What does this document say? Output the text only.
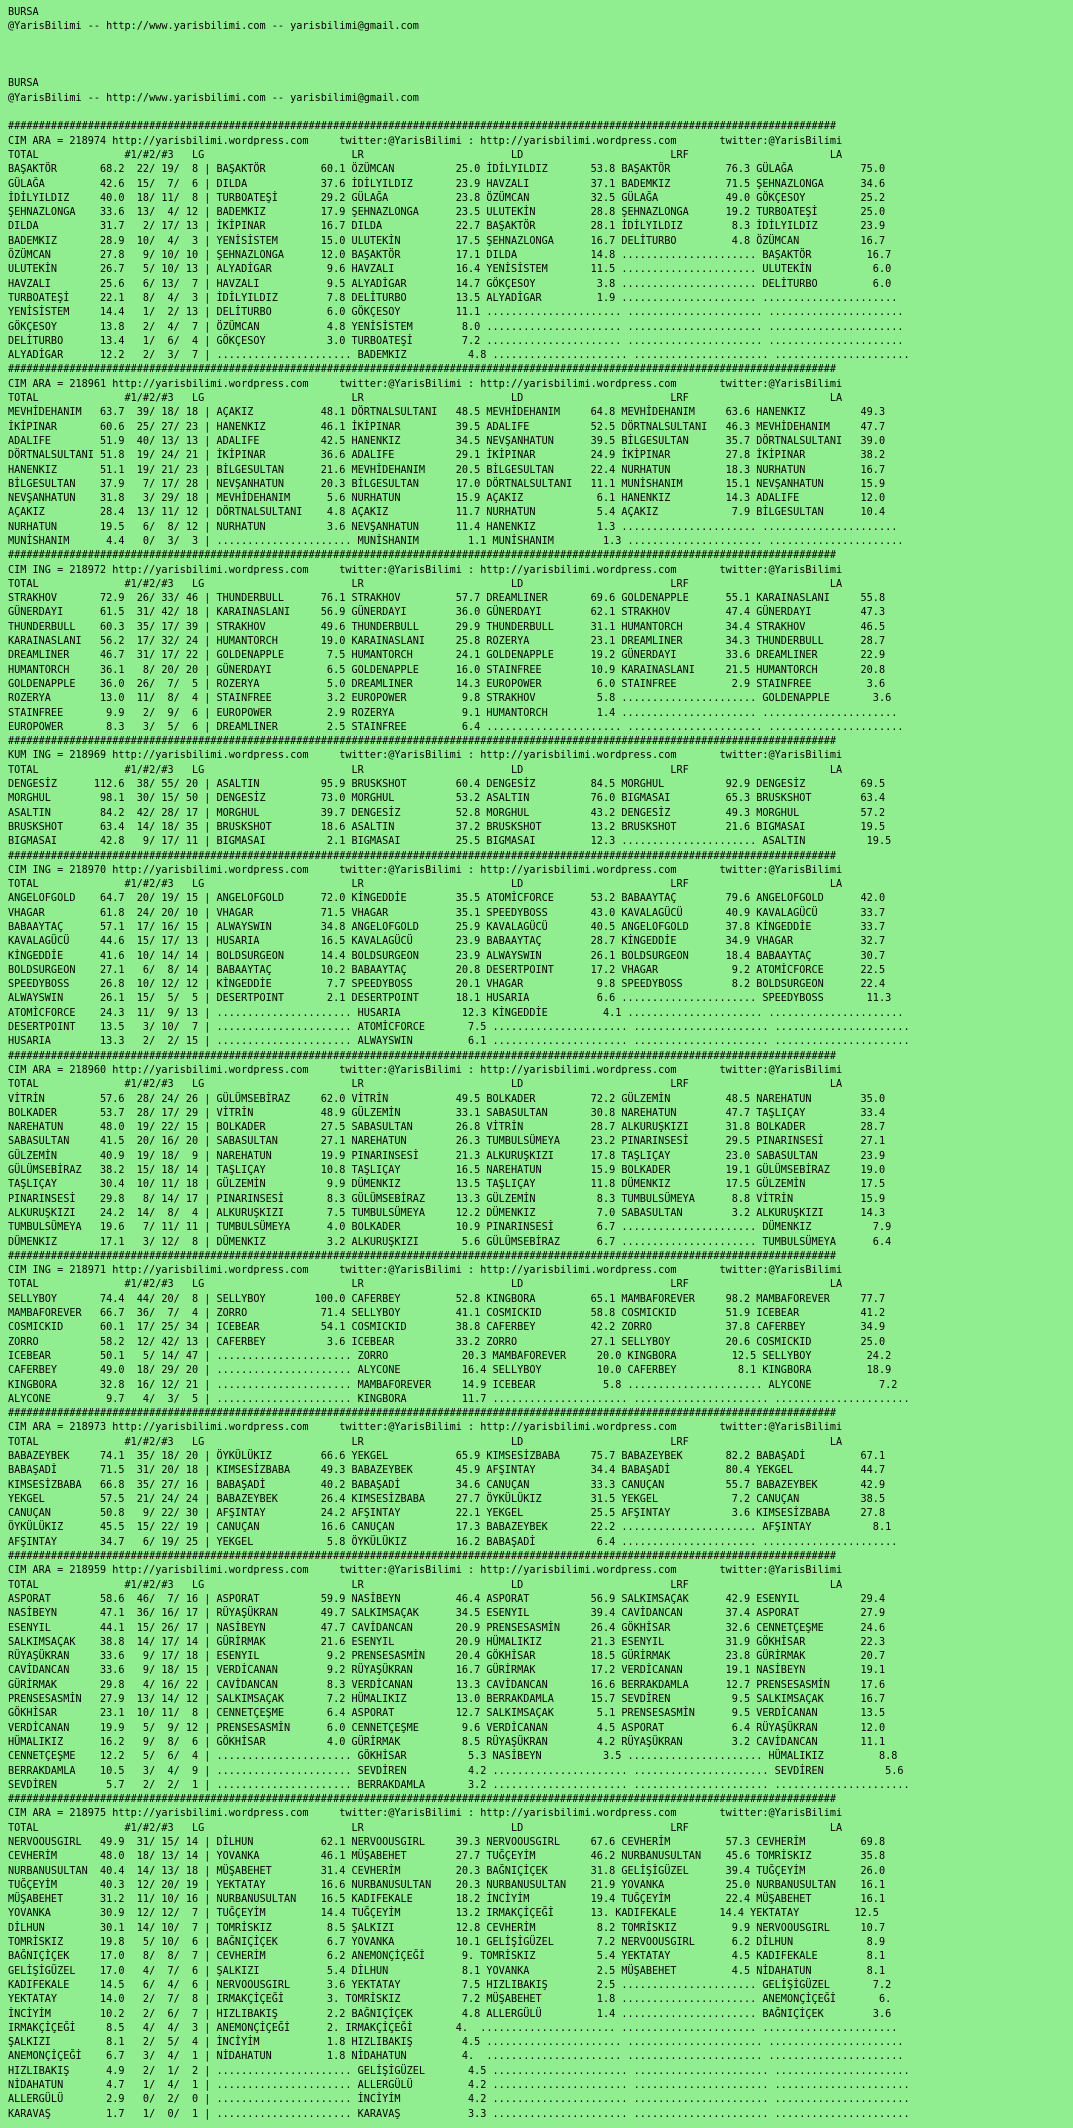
BURSA
@YarisBilimi -- http://www.yarisbilimi.com -- yarisbilimi@gmail.com

BURSA
@YarisBilimi -- http://www.yarisbilimi.com -- yarisbilimi@gmail.com

#######################################################################################################################################
CIM ARA = 218974 http://yarisbilimi.wordpress.com     twitter:@YarisBilimi : http://yarisbilimi.wordpress.com       twitter:@YarisBilimi
TOTAL              #1/#2/#3   LG                        LR                        LD                        LRF                       LA
BAŞAKTÖR       68.2  22/ 19/  8 | BAŞAKTÖR         60.1 ÖZÜMCAN          25.0 İDİLYILDIZ       53.8 BAŞAKTÖR         76.3 GÜLAĞA           75.0
GÜLAĞA         42.6  15/  7/  6 | DILDA            37.6 İDİLYILDIZ       23.9 HAVZALI          37.1 BADEMKIZ         71.5 ŞEHNAZLONGA      34.6
İDİLYILDIZ     40.0  18/ 11/  8 | TURBOATEŞİ       29.2 GÜLAĞA           23.8 ÖZÜMCAN          32.5 GÜLAĞA           49.0 GÖKÇESOY         25.2
ŞEHNAZLONGA    33.6  13/  4/ 12 | BADEMKIZ         17.9 ŞEHNAZLONGA      23.5 ULUTEKİN         28.8 ŞEHNAZLONGA      19.2 TURBOATEŞİ       25.0
DILDA          31.7   2/ 17/ 13 | İKİPINAR         16.7 DILDA            22.7 BAŞAKTÖR         28.1 İDİLYILDIZ        8.3 İDİLYILDIZ       23.9
BADEMKIZ       28.9  10/  4/  3 | YENİSİSTEM       15.0 ULUTEKİN         17.5 ŞEHNAZLONGA      16.7 DELİTURBO         4.8 ÖZÜMCAN          16.7
ÖZÜMCAN        27.8   9/ 10/ 10 | ŞEHNAZLONGA      12.0 BAŞAKTÖR         17.1 DILDA            14.8 ...................... BAŞAKTÖR         16.7
ULUTEKİN       26.7   5/ 10/ 13 | ALYADİGAR         9.6 HAVZALI          16.4 YENİSİSTEM       11.5 ...................... ULUTEKİN          6.0
HAVZALI        25.6   6/ 13/  7 | HAVZALI           9.5 ALYADİGAR        14.7 GÖKÇESOY          3.8 ...................... DELİTURBO         6.0
TURBOATEŞİ     22.1   8/  4/  3 | İDİLYILDIZ        7.8 DELİTURBO        13.5 ALYADİGAR         1.9 ...................... ......................
YENİSİSTEM     14.4   1/  2/ 13 | DELİTURBO         6.0 GÖKÇESOY         11.1 ...................... ...................... ......................
GÖKÇESOY       13.8   2/  4/  7 | ÖZÜMCAN           4.8 YENİSİSTEM        8.0 ...................... ...................... ......................
DELİTURBO      13.4   1/  6/  4 | GÖKÇESOY          3.0 TURBOATEŞİ        7.2 ...................... ...................... ......................
ALYADİGAR      12.2   2/  3/  7 | ...................... BADEMKIZ          4.8 ...................... ...................... ......................
#######################################################################################################################################
CIM ARA = 218961 http://yarisbilimi.wordpress.com     twitter:@YarisBilimi : http://yarisbilimi.wordpress.com       twitter:@YarisBilimi
TOTAL              #1/#2/#3   LG                        LR                        LD                        LRF                       LA
MEVHİDEHANIM   63.7  39/ 18/ 18 | AÇAKIZ           48.1 DÖRTNALSULTANI   48.5 MEVHİDEHANIM     64.8 MEVHİDEHANIM     63.6 HANENKIZ         49.3
İKİPINAR       60.6  25/ 27/ 23 | HANENKIZ         46.1 İKİPINAR         39.5 ADALIFE          52.5 DÖRTNALSULTANI   46.3 MEVHİDEHANIM     47.7
ADALIFE        51.9  40/ 13/ 13 | ADALIFE          42.5 HANENKIZ         34.5 NEVŞANHATUN      39.5 BİLGESULTAN      35.7 DÖRTNALSULTANI   39.0
DÖRTNALSULTANI 51.8  19/ 24/ 21 | İKİPINAR         36.6 ADALIFE          29.1 İKİPINAR         24.9 İKİPINAR         27.8 İKİPINAR         38.2
HANENKIZ       51.1  19/ 21/ 23 | BİLGESULTAN      21.6 MEVHİDEHANIM     20.5 BİLGESULTAN      22.4 NURHATUN         18.3 NURHATUN         16.7
BİLGESULTAN    37.9   7/ 17/ 28 | NEVŞANHATUN      20.3 BİLGESULTAN      17.0 DÖRTNALSULTANI   11.1 MUNİSHANIM       15.1 NEVŞANHATUN      15.9
NEVŞANHATUN    31.8   3/ 29/ 18 | MEVHİDEHANIM      5.6 NURHATUN         15.9 AÇAKIZ            6.1 HANENKIZ         14.3 ADALIFE          12.0
AÇAKIZ         28.4  13/ 11/ 12 | DÖRTNALSULTANI    4.8 AÇAKIZ           11.7 NURHATUN          5.4 AÇAKIZ            7.9 BİLGESULTAN      10.4
NURHATUN       19.5   6/  8/ 12 | NURHATUN          3.6 NEVŞANHATUN      11.4 HANENKIZ          1.3 ...................... ......................
MUNİSHANIM      4.4   0/  3/  3 | ...................... MUNİSHANIM        1.1 MUNİSHANIM        1.3 ...................... ......................
#######################################################################################################################################
CIM ING = 218972 http://yarisbilimi.wordpress.com     twitter:@YarisBilimi : http://yarisbilimi.wordpress.com       twitter:@YarisBilimi
TOTAL              #1/#2/#3   LG                        LR                        LD                        LRF                       LA
STRAKHOV       72.9  26/ 33/ 46 | THUNDERBULL      76.1 STRAKHOV         57.7 DREAMLINER       69.6 GOLDENAPPLE      55.1 KARAINASLANI     55.8
GÜNERDAYI      61.5  31/ 42/ 18 | KARAINASLANI     56.9 GÜNERDAYI        36.0 GÜNERDAYI        62.1 STRAKHOV         47.4 GÜNERDAYI        47.3
THUNDERBULL    60.3  35/ 17/ 39 | STRAKHOV         49.6 THUNDERBULL      29.9 THUNDERBULL      31.1 HUMANTORCH       34.4 STRAKHOV         46.5
KARAINASLANI   56.2  17/ 32/ 24 | HUMANTORCH       19.0 KARAINASLANI     25.8 ROZERYA          23.1 DREAMLINER       34.3 THUNDERBULL      28.7
DREAMLINER     46.7  31/ 17/ 22 | GOLDENAPPLE       7.5 HUMANTORCH       24.1 GOLDENAPPLE      19.2 GÜNERDAYI        33.6 DREAMLINER       22.9
HUMANTORCH     36.1   8/ 20/ 20 | GÜNERDAYI         6.5 GOLDENAPPLE      16.0 STAINFREE        10.9 KARAINASLANI     21.5 HUMANTORCH       20.8
GOLDENAPPLE    36.0  26/  7/  5 | ROZERYA           5.0 DREAMLINER       14.3 EUROPOWER         6.0 STAINFREE         2.9 STAINFREE         3.6
ROZERYA        13.0  11/  8/  4 | STAINFREE         3.2 EUROPOWER         9.8 STRAKHOV          5.8 ...................... GOLDENAPPLE       3.6
STAINFREE       9.9   2/  9/  6 | EUROPOWER         2.9 ROZERYA           9.1 HUMANTORCH        1.4 ...................... ......................
EUROPOWER       8.3   3/  5/  6 | DREAMLINER        2.5 STAINFREE         6.4 ...................... ...................... ......................
#######################################################################################################################################
KUM ING = 218969 http://yarisbilimi.wordpress.com     twitter:@YarisBilimi : http://yarisbilimi.wordpress.com       twitter:@YarisBilimi
TOTAL              #1/#2/#3   LG                        LR                        LD                        LRF                       LA
DENGESİZ      112.6  38/ 55/ 20 | ASALTIN          95.9 BRUSKSHOT        60.4 DENGESİZ         84.5 MORGHUL          92.9 DENGESİZ         69.5
MORGHUL        98.1  30/ 15/ 50 | DENGESİZ         73.0 MORGHUL          53.2 ASALTIN          76.0 BIGMASAI         65.3 BRUSKSHOT        63.4
ASALTIN        84.2  42/ 28/ 17 | MORGHUL          39.7 DENGESİZ         52.8 MORGHUL          43.2 DENGESİZ         49.3 MORGHUL          57.2
BRUSKSHOT      63.4  14/ 18/ 35 | BRUSKSHOT        18.6 ASALTIN          37.2 BRUSKSHOT        13.2 BRUSKSHOT        21.6 BIGMASAI         19.5
BIGMASAI       42.8   9/ 17/ 11 | BIGMASAI          2.1 BIGMASAI         25.5 BIGMASAI         12.3 ...................... ASALTIN          19.5
#######################################################################################################################################
CIM ING = 218970 http://yarisbilimi.wordpress.com     twitter:@YarisBilimi : http://yarisbilimi.wordpress.com       twitter:@YarisBilimi
TOTAL              #1/#2/#3   LG                        LR                        LD                        LRF                       LA
ANGELOFGOLD    64.7  20/ 19/ 15 | ANGELOFGOLD      72.0 KİNGEDDİE        35.5 ATOMİCFORCE      53.2 BABAAYTAÇ        79.6 ANGELOFGOLD      42.0
VHAGAR         61.8  24/ 20/ 10 | VHAGAR           71.5 VHAGAR           35.1 SPEEDYBOSS       43.0 KAVALAGÜCÜ       40.9 KAVALAGÜCÜ       33.7
BABAAYTAÇ      57.1  17/ 16/ 15 | ALWAYSWIN        34.8 ANGELOFGOLD      25.9 KAVALAGÜCÜ       40.5 ANGELOFGOLD      37.8 KİNGEDDİE        33.7
KAVALAGÜCÜ     44.6  15/ 17/ 13 | HUSARIA          16.5 KAVALAGÜCÜ       23.9 BABAAYTAÇ        28.7 KİNGEDDİE        34.9 VHAGAR           32.7
KİNGEDDİE      41.6  10/ 14/ 14 | BOLDSURGEON      14.4 BOLDSURGEON      23.9 ALWAYSWIN        26.1 BOLDSURGEON      18.4 BABAAYTAÇ        30.7
BOLDSURGEON    27.1   6/  8/ 14 | BABAAYTAÇ        10.2 BABAAYTAÇ        20.8 DESERTPOINT      17.2 VHAGAR            9.2 ATOMİCFORCE      22.5
SPEEDYBOSS     26.8  10/ 12/ 12 | KİNGEDDİE         7.7 SPEEDYBOSS       20.1 VHAGAR            9.8 SPEEDYBOSS        8.2 BOLDSURGEON      22.4
ALWAYSWIN      26.1  15/  5/  5 | DESERTPOINT       2.1 DESERTPOINT      18.1 HUSARIA           6.6 ...................... SPEEDYBOSS       11.3
ATOMİCFORCE    24.3  11/  9/ 13 | ...................... HUSARIA          12.3 KİNGEDDİE         4.1 ...................... ......................
DESERTPOINT    13.5   3/ 10/  7 | ...................... ATOMİCFORCE       7.5 ...................... ...................... ......................
HUSARIA        13.3   2/  2/ 15 | ...................... ALWAYSWIN         6.1 ...................... ...................... ......................
#######################################################################################################################################
CIM ARA = 218960 http://yarisbilimi.wordpress.com     twitter:@YarisBilimi : http://yarisbilimi.wordpress.com       twitter:@YarisBilimi
TOTAL              #1/#2/#3   LG                        LR                        LD                        LRF                       LA
VİTRİN         57.6  28/ 24/ 26 | GÜLÜMSEBİRAZ     62.0 VİTRİN           49.5 BOLKADER         72.2 GÜLZEMİN         48.5 NAREHATUN        35.0
BOLKADER       53.7  28/ 17/ 29 | VİTRİN           48.9 GÜLZEMİN         33.1 SABASULTAN       30.8 NAREHATUN        47.7 TAŞLIÇAY         33.4
NAREHATUN      48.0  19/ 22/ 15 | BOLKADER         27.5 SABASULTAN       26.8 VİTRİN           28.7 ALKURUŞKIZI      31.8 BOLKADER         28.7
SABASULTAN     41.5  20/ 16/ 20 | SABASULTAN       27.1 NAREHATUN        26.3 TUMBULSÜMEYA     23.2 PINARINSESİ      29.5 PINARINSESİ      27.1
GÜLZEMİN       40.9  19/ 18/  9 | NAREHATUN        19.9 PINARINSESİ      21.3 ALKURUŞKIZI      17.8 TAŞLIÇAY         23.0 SABASULTAN       23.9
GÜLÜMSEBİRAZ   38.2  15/ 18/ 14 | TAŞLIÇAY         10.8 TAŞLIÇAY         16.5 NAREHATUN        15.9 BOLKADER         19.1 GÜLÜMSEBİRAZ     19.0
TAŞLIÇAY       30.4  10/ 11/ 18 | GÜLZEMİN          9.9 DÜMENKIZ         13.5 TAŞLIÇAY         11.8 DÜMENKIZ         17.5 GÜLZEMİN         17.5
PINARINSESİ    29.8   8/ 14/ 17 | PINARINSESİ       8.3 GÜLÜMSEBİRAZ     13.3 GÜLZEMİN          8.3 TUMBULSÜMEYA      8.8 VİTRİN           15.9
ALKURUŞKIZI    24.2  14/  8/  4 | ALKURUŞKIZI       7.5 TUMBULSÜMEYA     12.2 DÜMENKIZ          7.0 SABASULTAN        3.2 ALKURUŞKIZI      14.3
TUMBULSÜMEYA   19.6   7/ 11/ 11 | TUMBULSÜMEYA      4.0 BOLKADER         10.9 PINARINSESİ       6.7 ...................... DÜMENKIZ          7.9
DÜMENKIZ       17.1   3/ 12/  8 | DÜMENKIZ          3.2 ALKURUŞKIZI       5.6 GÜLÜMSEBİRAZ      6.7 ...................... TUMBULSÜMEYA      6.4
#######################################################################################################################################
CIM ING = 218971 http://yarisbilimi.wordpress.com     twitter:@YarisBilimi : http://yarisbilimi.wordpress.com       twitter:@YarisBilimi
TOTAL              #1/#2/#3   LG                        LR                        LD                        LRF                       LA
SELLYBOY       74.4  44/ 20/  8 | SELLYBOY        100.0 CAFERBEY         52.8 KINGBORA         65.1 MAMBAFOREVER     98.2 MAMBAFOREVER     77.7
MAMBAFOREVER   66.7  36/  7/  4 | ZORRO            71.4 SELLYBOY         41.1 COSMICKID        58.8 COSMICKID        51.9 ICEBEAR          41.2
COSMICKID      60.1  17/ 25/ 34 | ICEBEAR          54.1 COSMICKID        38.8 CAFERBEY         42.2 ZORRO            37.8 CAFERBEY         34.9
ZORRO          58.2  12/ 42/ 13 | CAFERBEY          3.6 ICEBEAR          33.2 ZORRO            27.1 SELLYBOY         20.6 COSMICKID        25.0
ICEBEAR        50.1   5/ 14/ 47 | ...................... ZORRO            20.3 MAMBAFOREVER     20.0 KINGBORA         12.5 SELLYBOY         24.2
CAFERBEY       49.0  18/ 29/ 20 | ...................... ALYCONE          16.4 SELLYBOY         10.0 CAFERBEY          8.1 KINGBORA         18.9
KINGBORA       32.8  16/ 12/ 21 | ...................... MAMBAFOREVER     14.9 ICEBEAR           5.8 ...................... ALYCONE           7.2
ALYCONE         9.7   4/  3/  5 | ...................... KINGBORA         11.7 ...................... ...................... ......................
#######################################################################################################################################
CIM ARA = 218973 http://yarisbilimi.wordpress.com     twitter:@YarisBilimi : http://yarisbilimi.wordpress.com       twitter:@YarisBilimi
TOTAL              #1/#2/#3   LG                        LR                        LD                        LRF                       LA
BABAZEYBEK     74.1  35/ 18/ 20 | ÖYKÜLÜKIZ        66.6 YEKGEL           65.9 KIMSESİZBABA     75.7 BABAZEYBEK       82.2 BABAŞADİ         67.1
BABAŞADİ       71.5  31/ 20/ 18 | KIMSESİZBABA     49.3 BABAZEYBEK       45.9 AFŞINTAY         34.4 BABAŞADİ         80.4 YEKGEL           44.7
KIMSESİZBABA   66.8  35/ 27/ 16 | BABAŞADİ         40.2 BABAŞADİ         34.6 CANUÇAN          33.3 CANUÇAN          55.7 BABAZEYBEK       42.9
YEKGEL         57.5  21/ 24/ 24 | BABAZEYBEK       26.4 KIMSESİZBABA     27.7 ÖYKÜLÜKIZ        31.5 YEKGEL            7.2 CANUÇAN          38.5
CANUÇAN        50.8   9/ 22/ 30 | AFŞINTAY         24.2 AFŞINTAY         22.1 YEKGEL           25.5 AFŞINTAY          3.6 KIMSESİZBABA     27.8
ÖYKÜLÜKIZ      45.5  15/ 22/ 19 | CANUÇAN          16.6 CANUÇAN          17.3 BABAZEYBEK       22.2 ...................... AFŞINTAY          8.1
AFŞINTAY       34.7   6/ 19/ 25 | YEKGEL            5.8 ÖYKÜLÜKIZ        16.2 BABAŞADİ          6.4 ...................... ......................
#######################################################################################################################################
CIM ARA = 218959 http://yarisbilimi.wordpress.com     twitter:@YarisBilimi : http://yarisbilimi.wordpress.com       twitter:@YarisBilimi
TOTAL              #1/#2/#3   LG                        LR                        LD                        LRF                       LA
ASPORAT        58.6  46/  7/ 16 | ASPORAT          59.9 NASİBEYN         46.4 ASPORAT          56.9 SALKIMSAÇAK      42.9 ESENYIL          29.4
NASİBEYN       47.1  36/ 16/ 17 | RÜYAŞÜKRAN       49.7 SALKIMSAÇAK      34.5 ESENYIL          39.4 CAVİDANCAN       37.4 ASPORAT          27.9
ESENYIL        44.1  15/ 26/ 17 | NASİBEYN         47.7 CAVİDANCAN       20.9 PRENSESASMİN     26.4 GÖKHİSAR         32.6 CENNETÇEŞME      24.6
SALKIMSAÇAK    38.8  14/ 17/ 14 | GÜRİRMAK         21.6 ESENYIL          20.9 HÜMALIKIZ        21.3 ESENYIL          31.9 GÖKHİSAR         22.3
RÜYAŞÜKRAN     33.6   9/ 17/ 18 | ESENYIL           9.2 PRENSESASMİN     20.4 GÖKHİSAR         18.5 GÜRİRMAK         23.8 GÜRİRMAK         20.7
CAVİDANCAN     33.6   9/ 18/ 15 | VERDİCANAN        9.2 RÜYAŞÜKRAN       16.7 GÜRİRMAK         17.2 VERDİCANAN       19.1 NASİBEYN         19.1
GÜRİRMAK       29.8   4/ 16/ 22 | CAVİDANCAN        8.3 VERDİCANAN       13.3 CAVİDANCAN       16.6 BERRAKDAMLA      12.7 PRENSESASMİN     17.6
PRENSESASMİN   27.9  13/ 14/ 12 | SALKIMSAÇAK       7.2 HÜMALIKIZ        13.0 BERRAKDAMLA      15.7 SEVDİREN          9.5 SALKIMSAÇAK      16.7
GÖKHİSAR       23.1  10/ 11/  8 | CENNETÇEŞME       6.4 ASPORAT          12.7 SALKIMSAÇAK       5.1 PRENSESASMİN      9.5 VERDİCANAN       13.5
VERDİCANAN     19.9   5/  9/ 12 | PRENSESASMİN      6.0 CENNETÇEŞME       9.6 VERDİCANAN        4.5 ASPORAT           6.4 RÜYAŞÜKRAN       12.0
HÜMALIKIZ      16.2   9/  8/  6 | GÖKHİSAR          4.0 GÜRİRMAK          8.5 RÜYAŞÜKRAN        4.2 RÜYAŞÜKRAN        3.2 CAVİDANCAN       11.1
CENNETÇEŞME    12.2   5/  6/  4 | ...................... GÖKHİSAR          5.3 NASİBEYN          3.5 ...................... HÜMALIKIZ         8.8
BERRAKDAMLA    10.5   3/  4/  9 | ...................... SEVDİREN          4.2 ...................... ...................... SEVDİREN          5.6
SEVDİREN        5.7   2/  2/  1 | ...................... BERRAKDAMLA       3.2 ...................... ...................... ......................
#######################################################################################################################################
CIM ARA = 218975 http://yarisbilimi.wordpress.com     twitter:@YarisBilimi : http://yarisbilimi.wordpress.com       twitter:@YarisBilimi
TOTAL              #1/#2/#3   LG                        LR                        LD                        LRF                       LA
NERVOOUSGIRL   49.9  31/ 15/ 14 | DİLHUN           62.1 NERVOOUSGIRL     39.3 NERVOOUSGIRL     67.6 CEVHERİM         57.3 CEVHERİM         69.8
CEVHERİM       48.0  18/ 13/ 14 | YOVANKA          46.1 MÜŞABEHET        27.7 TUĞÇEYİM         46.2 NURBANUSULTAN    45.6 TOMRİSKIZ        35.8
NURBANUSULTAN  40.4  14/ 13/ 18 | MÜŞABEHET        31.4 CEVHERİM         20.3 BAĞNIÇİÇEK       31.8 GELİŞİGÜZEL      39.4 TUĞÇEYİM         26.0
TUĞÇEYİM       40.3  12/ 20/ 19 | YEKTATAY         16.6 NURBANUSULTAN    20.3 NURBANUSULTAN    21.9 YOVANKA          25.0 NURBANUSULTAN    16.1
MÜŞABEHET      31.2  11/ 10/ 16 | NURBANUSULTAN    16.5 KADIFEKALE       18.2 İNCİYİM          19.4 TUĞÇEYİM         22.4 MÜŞABEHET        16.1
YOVANKA        30.9  12/ 12/  7 | TUĞÇEYİM         14.4 TUĞÇEYİM         13.2 IRMAKÇİÇEĞİ      13. KADIFEKALE       14.4 YEKTATAY         12.5
DİLHUN         30.1  14/ 10/  7 | TOMRİSKIZ         8.5 ŞALKIZI          12.8 CEVHERİM          8.2 TOMRİSKIZ         9.9 NERVOOUSGIRL     10.7
TOMRİSKIZ      19.8   5/ 10/  6 | BAĞNIÇİÇEK        6.7 YOVANKA          10.1 GELİŞİGÜZEL       7.2 NERVOOUSGIRL      6.2 DİLHUN            8.9
BAĞNIÇİÇEK     17.0   8/  8/  7 | CEVHERİM          6.2 ANEMONÇİÇEĞİ      9. TOMRİSKIZ          5.4 YEKTATAY          4.5 KADIFEKALE        8.1
GELİŞİGÜZEL    17.0   4/  7/  6 | ŞALKIZI           5.4 DİLHUN            8.1 YOVANKA           2.5 MÜŞABEHET         4.5 NİDAHATUN         8.1
KADIFEKALE     14.5   6/  4/  6 | NERVOOUSGIRL      3.6 YEKTATAY          7.5 HIZLIBAKIŞ        2.5 ...................... GELİŞİGÜZEL       7.2
YEKTATAY       14.0   2/  7/  8 | IRMAKÇİÇEĞİ       3. TOMRİSKIZ          7.2 MÜŞABEHET         1.8 ...................... ANEMONÇİÇEĞİ       6.
İNCİYİM        10.2   2/  6/  7 | HIZLIBAKIŞ        2.2 BAĞNIÇİÇEK        4.8 ALLERGÜLÜ         1.4 ...................... BAĞNIÇİÇEK        3.6
IRMAKÇİÇEĞİ     8.5   4/  4/  3 | ANEMONÇİÇEĞİ      2. IRMAKÇİÇEĞİ       4.  ...................... ...................... ......................
ŞALKIZI         8.1   2/  5/  4 | İNCİYİM           1.8 HIZLIBAKIŞ        4.5 ...................... ...................... ......................
ANEMONÇİÇEĞİ    6.7   3/  4/  1 | NİDAHATUN         1.8 NİDAHATUN         4.  ...................... ...................... ......................
HIZLIBAKIŞ      4.9   2/  1/  2 | ...................... GELİŞİGÜZEL       4.5 ...................... ...................... ......................
NİDAHATUN       4.7   1/  4/  1 | ...................... ALLERGÜLÜ         4.2 ...................... ...................... ......................
ALLERGÜLÜ       2.9   0/  2/  0 | ...................... İNCİYİM           4.2 ...................... ...................... ......................
KARAVAŞ         1.7   1/  0/  1 | ...................... KARAVAŞ           3.3 ...................... ...................... ......................
